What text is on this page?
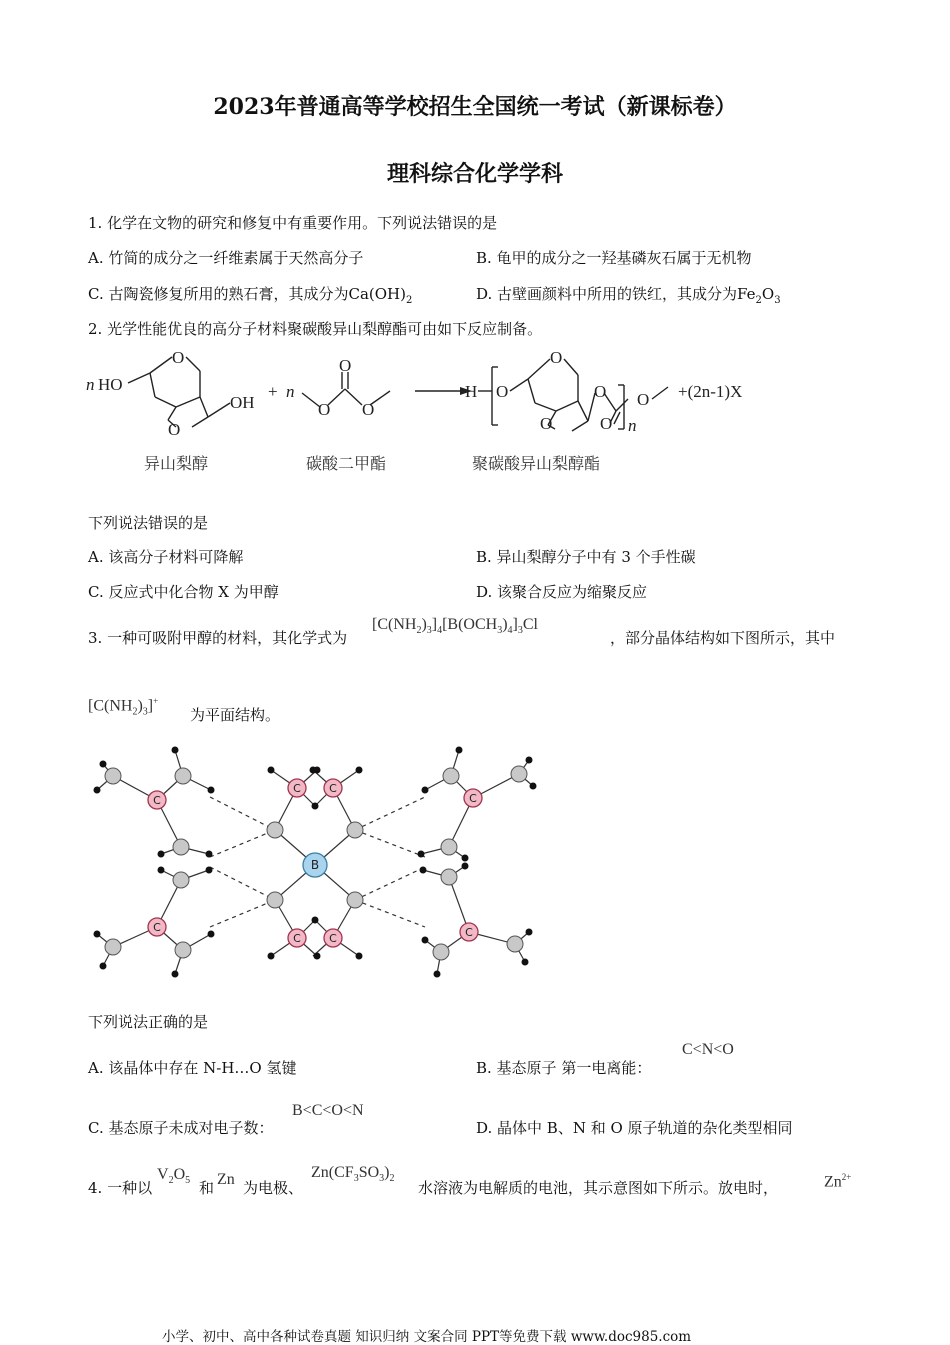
2023年普通高等学校招生全国统一考试（新课标卷）
理科综合化学学科
1. 化学在文物的研究和修复中有重要作用。下列说法错误的是
A. 竹简的成分之一纤维素属于天然高分子	B. 龟甲的成分之一羟基磷灰石属于无机物
C. 古陶瓷修复所用的熟石膏，其成分为$Ca(OH)_2$	D. 古壁画颜料中所用的铁红，其成分为$Fe_2O_3$
2. 光学性能优良的高分子材料聚碳酸异山梨醇酯可由如下反应制备。
n HO
O
O
OH
+ n
O
O
O
H O
O
O
O
O
O
n
+(2n-1)X
异山梨醇	碳酸二甲酯	聚碳酸异山梨醇酯
下列说法错误的是
A. 该高分子材料可降解	B. 异山梨醇分子中有 3 个手性碳
C. 反应式中化合物 X 为甲醇	D. 该聚合反应为缩聚反应
3. 一种可吸附甲醇的材料，其化学式为
$[C(NH_2)_3]_4[B(OCH_3)_4]_3Cl$
，部分晶体结构如下图所示，其中
$[C(NH_2)_3]^+$
为平面结构。
C
C
C	C
C	C
C
C
B
下列说法正确的是
A. 该晶体中存在 N-H…O 氢键	B. 基态原子 第一电离能：
C<N<O
C. 基态原子未成对电子数：
B<C<O<N
D. 晶体中 B、N 和 O 原子轨道的杂化类型相同
4. 一种以
$V_2O_5$ 和 Zn 为电极、
$Zn(CF_3SO_3)_2$
水溶液为电解质的电池，其示意图如下所示。放电时，	$Zn^{2+}$
小学、初中、高中各种试卷真题 知识归纳 文案合同 PPT等免费下载 www.doc985.com
